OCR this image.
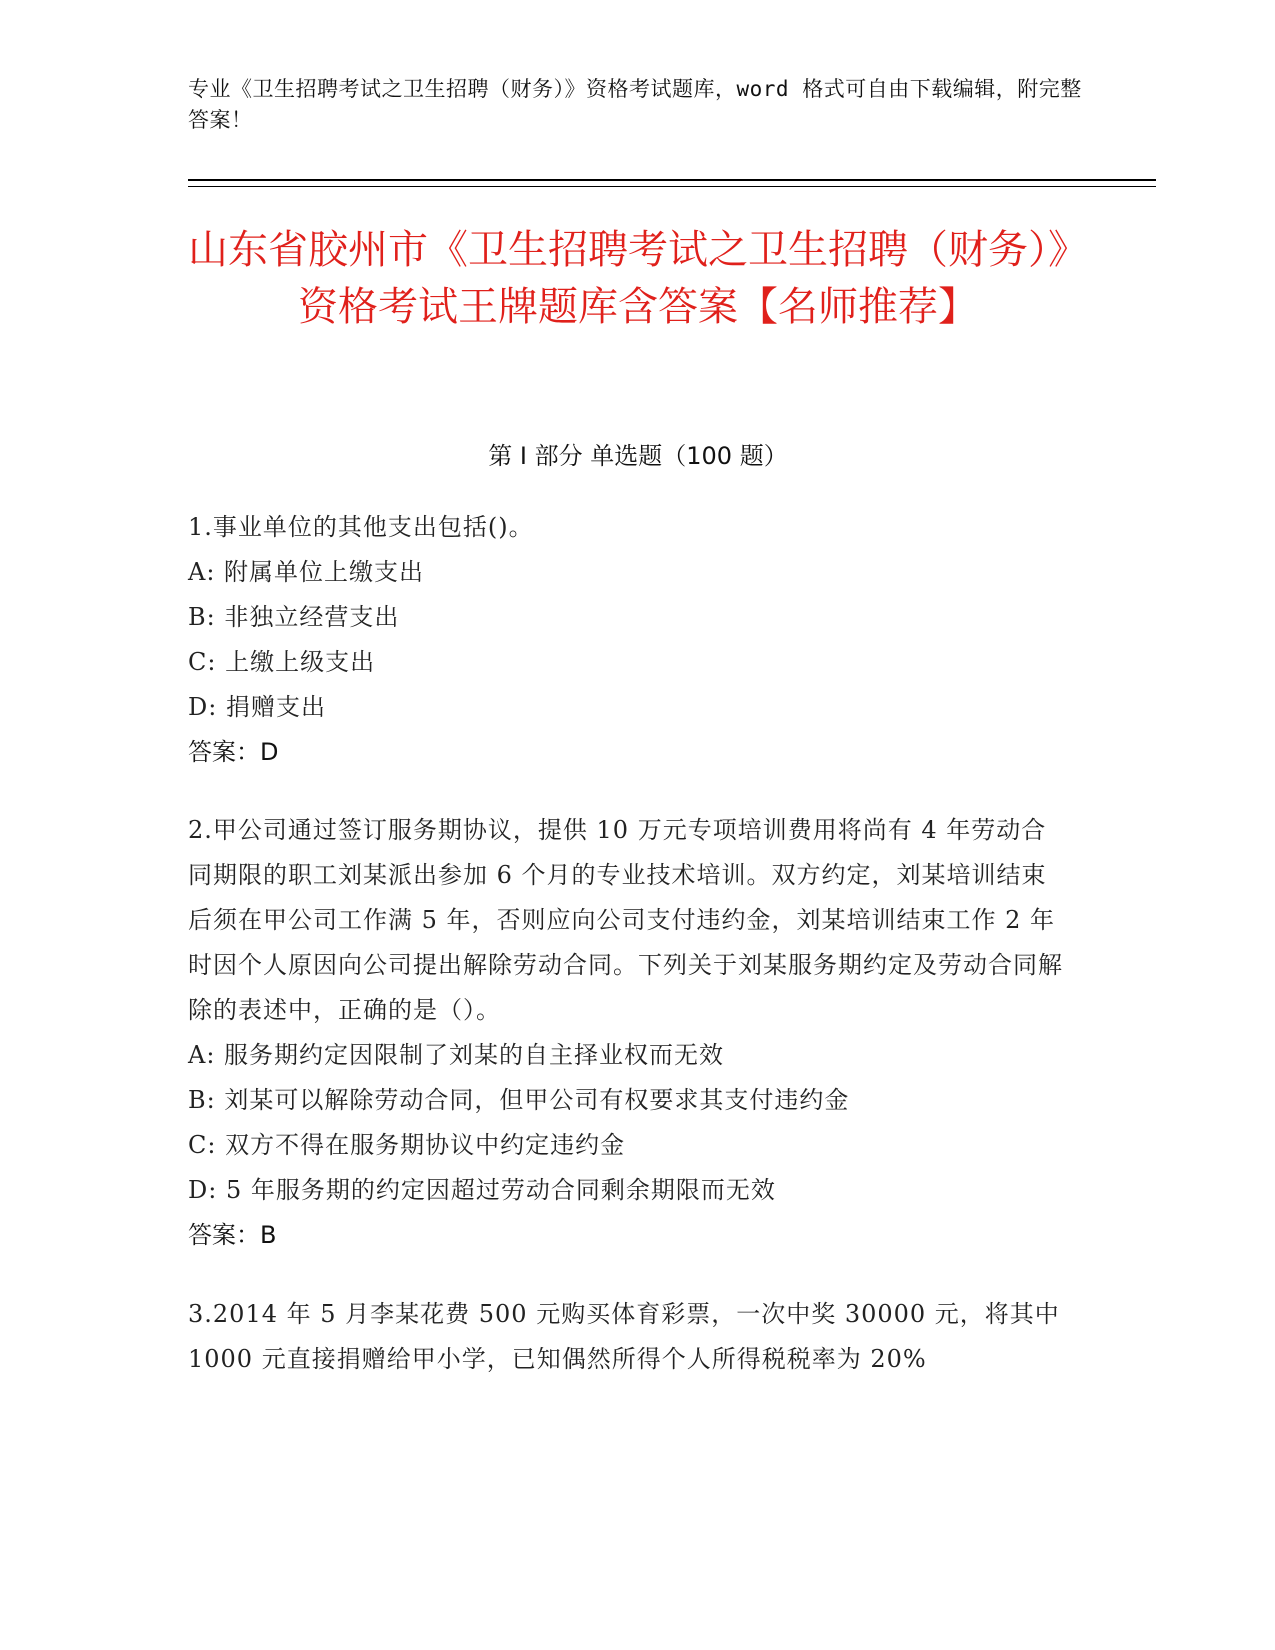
专业《卫生招聘考试之卫生招聘（财务）》资格考试题库，word 格式可自由下载编辑，附完整答案！
山东省胶州市《卫生招聘考试之卫生招聘（财务）》资格考试王牌题库含答案【名师推荐】
第 I 部分 单选题（100 题）
1.事业单位的其他支出包括()。
A: 附属单位上缴支出
B: 非独立经营支出
C: 上缴上级支出
D: 捐赠支出
答案：D
2.甲公司通过签订服务期协议，提供 10 万元专项培训费用将尚有 4 年劳动合同期限的职工刘某派出参加 6 个月的专业技术培训。双方约定，刘某培训结束后须在甲公司工作满 5 年，否则应向公司支付违约金，刘某培训结束工作 2 年时因个人原因向公司提出解除劳动合同。下列关于刘某服务期约定及劳动合同解除的表述中，正确的是（）。
A: 服务期约定因限制了刘某的自主择业权而无效
B: 刘某可以解除劳动合同，但甲公司有权要求其支付违约金
C: 双方不得在服务期协议中约定违约金
D: 5 年服务期的约定因超过劳动合同剩余期限而无效
答案：B
3.2014 年 5 月李某花费 500 元购买体育彩票，一次中奖 30000 元，将其中 1000 元直接捐赠给甲小学，已知偶然所得个人所得税税率为 20%
